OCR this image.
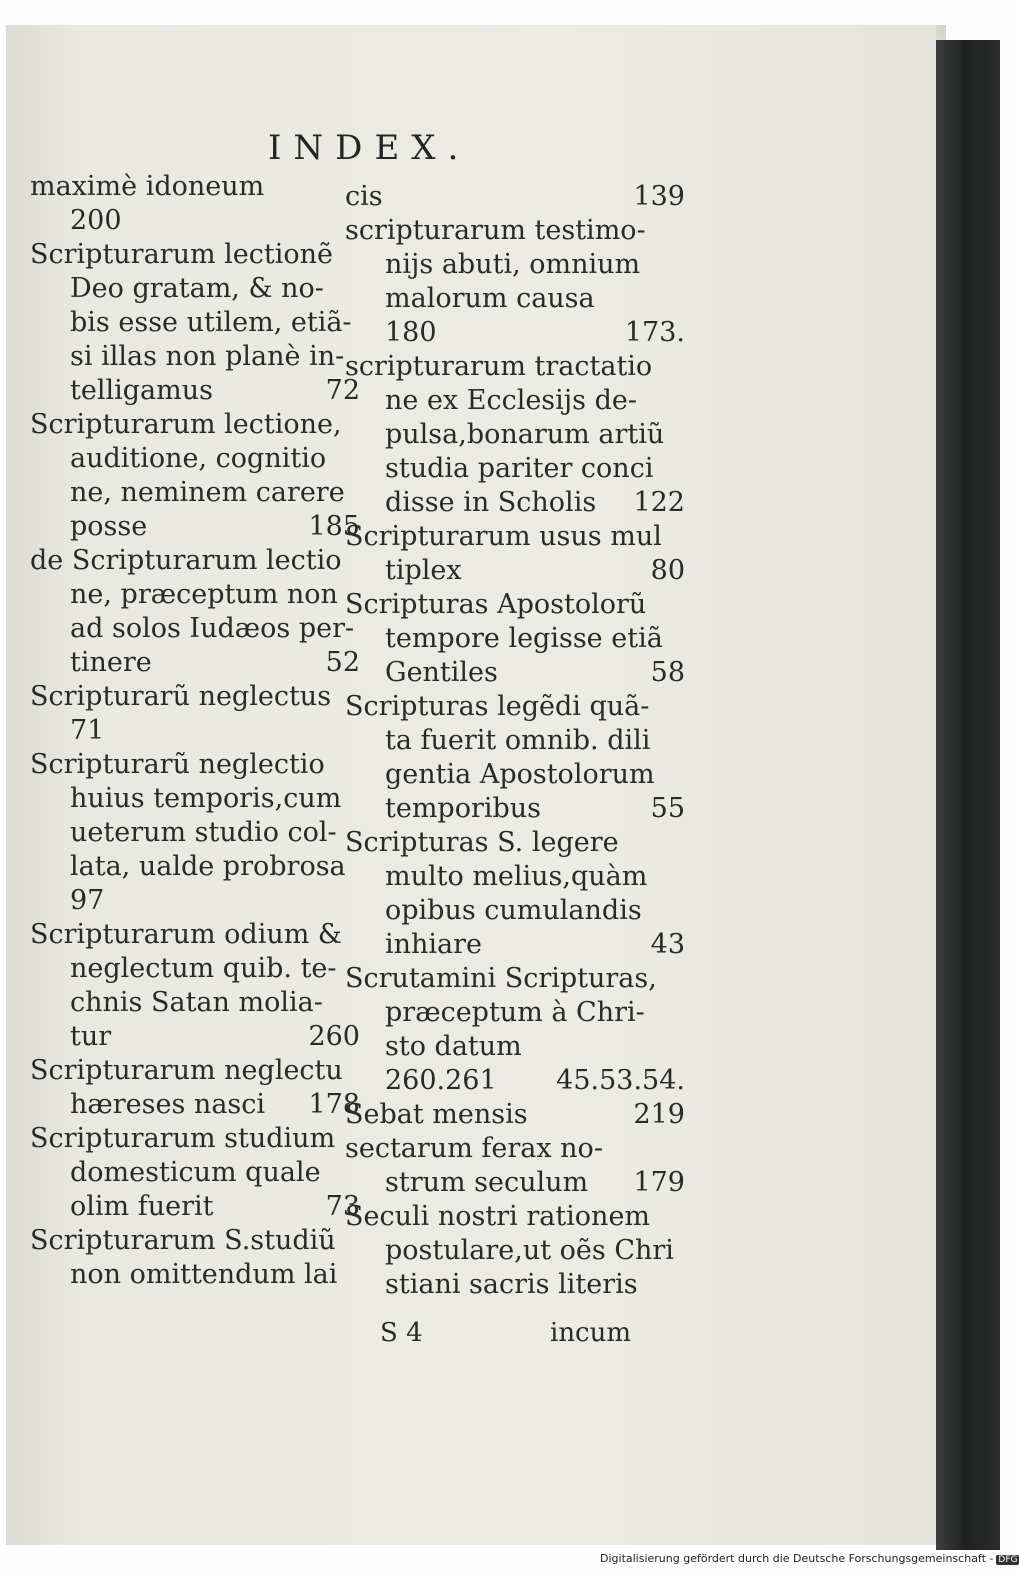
INDEX.
maximè idoneum
200
Scripturarum lectionẽ
Deo gratam, & no-
bis esse utilem, etiã-
si illas non planè in-
telligamus	72
Scripturarum lectione,
auditione, cognitio
ne, neminem carere
posse	185
de Scripturarum lectio
ne, præceptum non
ad solos Iudæos per-
tinere	52
Scripturarũ neglectus
71
Scripturarũ neglectio
huius temporis,cum
ueterum studio col-
lata, ualde probrosa
97
Scripturarum odium &
neglectum quib. te-
chnis Satan molia-
tur	260
Scripturarum neglectu
hæreses nasci	178
Scripturarum studium
domesticum quale
olim fuerit	73
Scripturarum S.studiũ
non omittendum lai
cis	139
scripturarum testimo-
nijs abuti, omnium
malorum causa
180	173.
scripturarum tractatio
ne ex Ecclesijs de-
pulsa,bonarum artiũ
studia pariter conci
disse in Scholis	122
Scripturarum usus mul
tiplex	80
Scripturas Apostolorũ
tempore legisse etiã
Gentiles	58
Scripturas legẽdi quã-
ta fuerit omnib. dili
gentia Apostolorum
temporibus	55
Scripturas S. legere
multo melius,quàm
opibus cumulandis
inhiare	43
Scrutamini Scripturas,
præceptum à Chri-
sto datum
260.261	45.53.54.
Sebat mensis	219
sectarum ferax no-
strum seculum	179
Seculi nostri rationem
postulare,ut oẽs Chri
stiani sacris literis
S 4	incum
Digitalisierung gefördert durch die Deutsche Forschungsgemeinschaft - DFG
